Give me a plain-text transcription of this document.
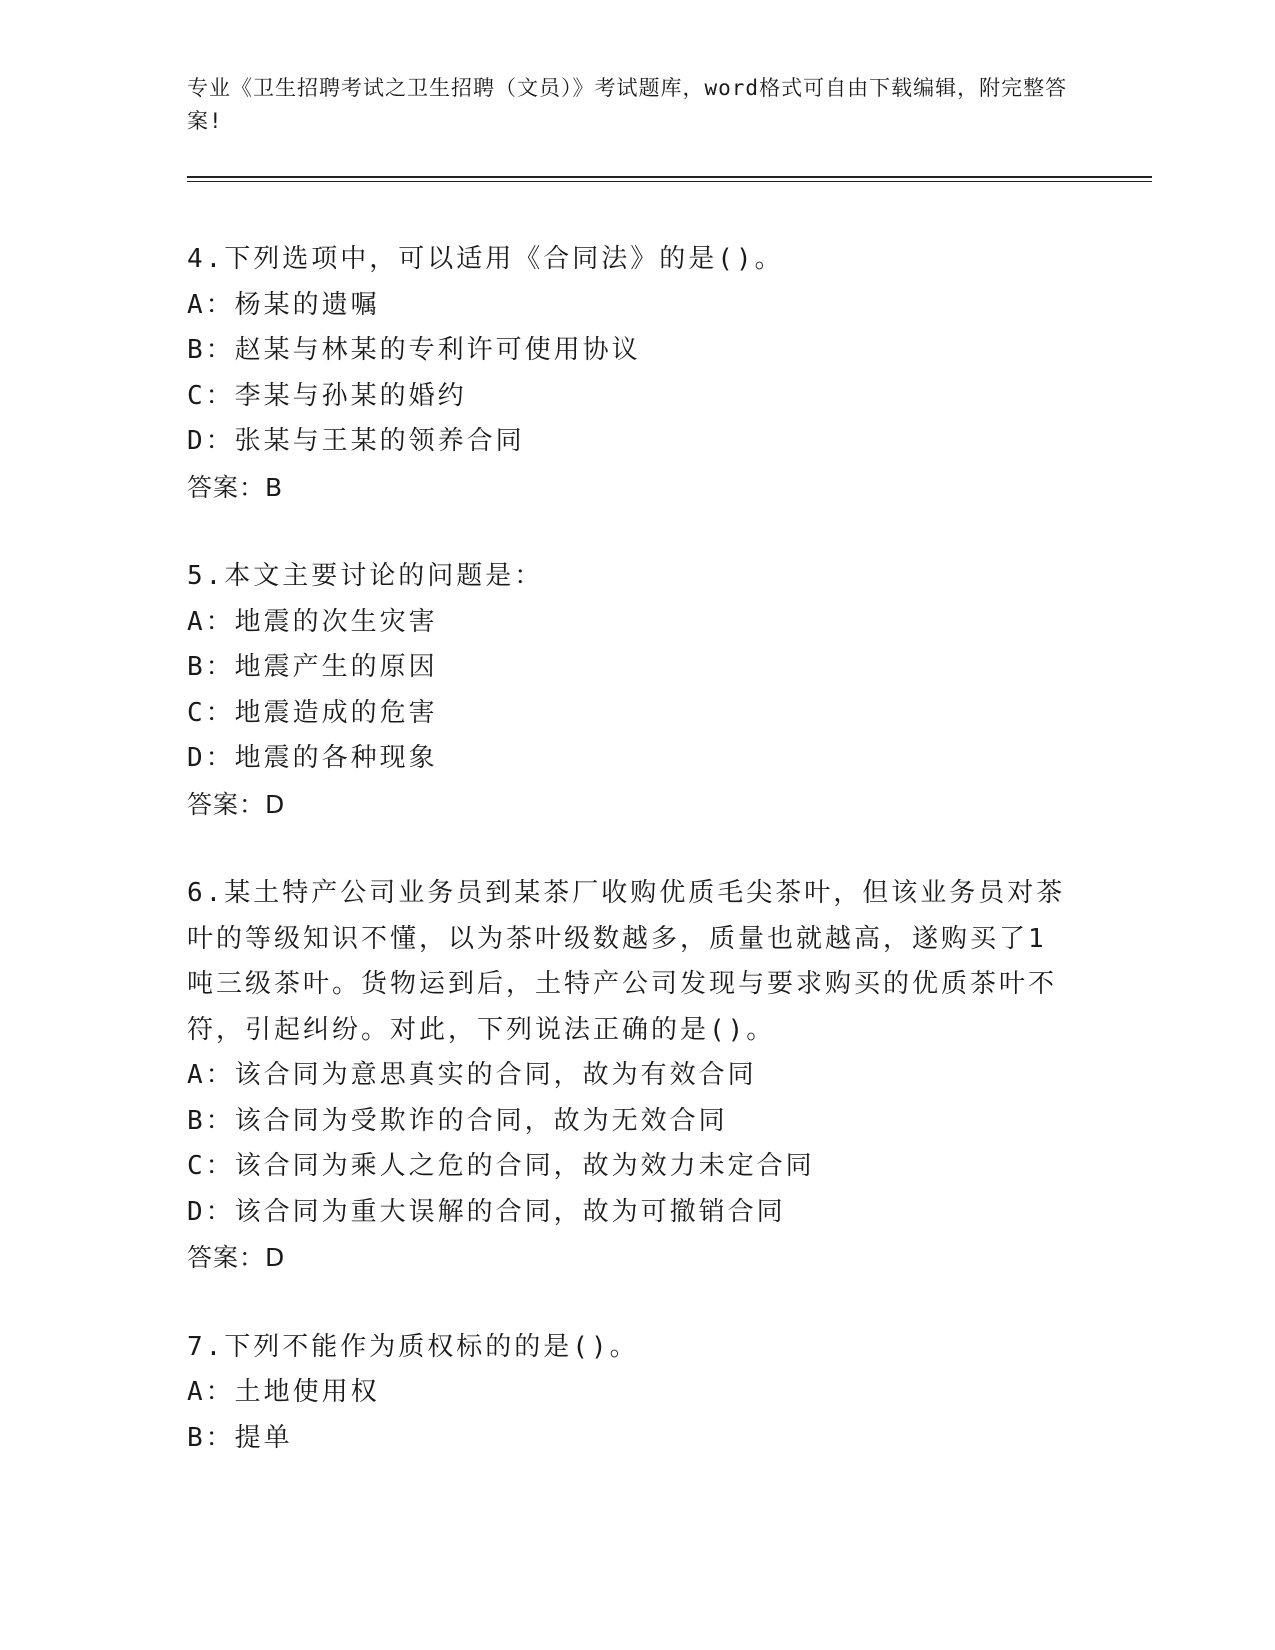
专业《卫生招聘考试之卫生招聘（文员）》考试题库，word格式可自由下载编辑，附完整答案!
4.下列选项中，可以适用《合同法》的是()。
A：杨某的遗嘱
B：赵某与林某的专利许可使用协议
C：李某与孙某的婚约
D：张某与王某的领养合同
答案：B
5.本文主要讨论的问题是：
A：地震的次生灾害
B：地震产生的原因
C：地震造成的危害
D：地震的各种现象
答案：D
6.某土特产公司业务员到某茶厂收购优质毛尖茶叶，但该业务员对茶叶的等级知识不懂，以为茶叶级数越多，质量也就越高，遂购买了1吨三级茶叶。货物运到后，土特产公司发现与要求购买的优质茶叶不符，引起纠纷。对此，下列说法正确的是()。
A：该合同为意思真实的合同，故为有效合同
B：该合同为受欺诈的合同，故为无效合同
C：该合同为乘人之危的合同，故为效力未定合同
D：该合同为重大误解的合同，故为可撤销合同
答案：D
7.下列不能作为质权标的的是()。
A：土地使用权
B：提单
